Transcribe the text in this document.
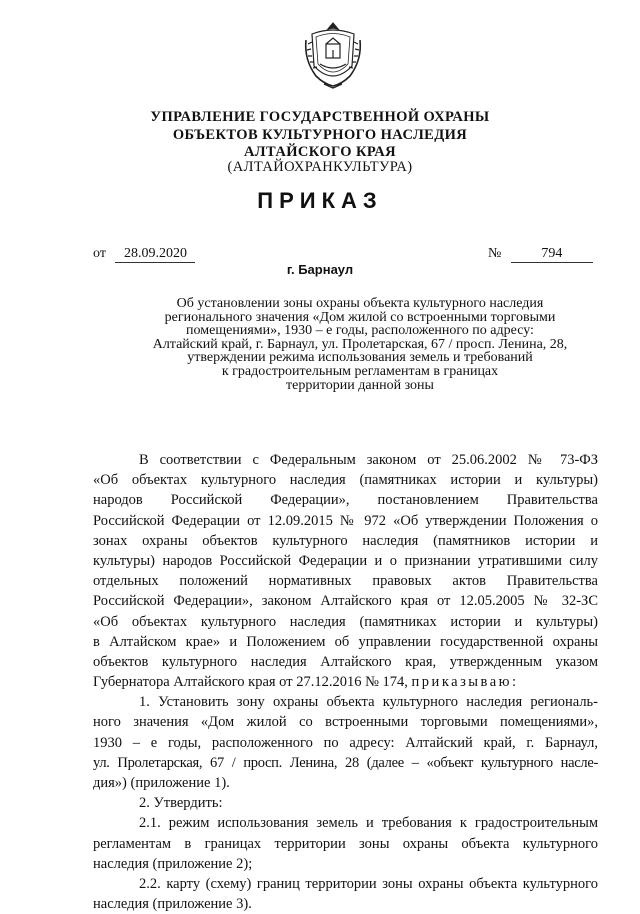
УПРАВЛЕНИЕ ГОСУДАРСТВЕННОЙ ОХРАНЫ
ОБЪЕКТОВ КУЛЬТУРНОГО НАСЛЕДИЯ
АЛТАЙСКОГО КРАЯ
(АЛТАЙОХРАНКУЛЬТУРА)
ПРИКАЗ
от 28.09.2020	№	794
г. Барнаул
Об установлении зоны охраны объекта культурного наследия
регионального значения «Дом жилой со встроенными торговыми
помещениями», 1930 – е годы, расположенного по адресу:
Алтайский край, г. Барнаул, ул. Пролетарская, 67 / просп. Ленина, 28,
утверждении режима использования земель и требований
к градостроительным регламентам в границах
территории данной зоны
В соответствии с Федеральным законом от 25.06.2002 № 73-ФЗ
«Об объектах культурного наследия (памятниках истории и культуры)
народов Российской Федерации», постановлением Правительства
Российской Федерации от 12.09.2015 № 972 «Об утверждении Положения о
зонах охраны объектов культурного наследия (памятников истории и
культуры) народов Российской Федерации и о признании утратившими силу
отдельных положений нормативных правовых актов Правительства
Российской Федерации», законом Алтайского края от 12.05.2005 № 32-ЗС
«Об объектах культурного наследия (памятниках истории и культуры)
в Алтайском крае» и Положением об управлении государственной охраны
объектов культурного наследия Алтайского края, утвержденным указом
Губернатора Алтайского края от 27.12.2016 № 174, приказываю:
1. Установить зону охраны объекта культурного наследия региональ-
ного значения «Дом жилой со встроенными торговыми помещениями»,
1930 – е годы, расположенного по адресу: Алтайский край, г. Барнаул,
ул. Пролетарская, 67 / просп. Ленина, 28 (далее – «объект культурного насле-
дия») (приложение 1).
2. Утвердить:
2.1. режим использования земель и требования к градостроительным
регламентам в границах территории зоны охраны объекта культурного
наследия (приложение 2);
2.2. карту (схему) границ территории зоны охраны объекта культурного
наследия (приложение 3).
